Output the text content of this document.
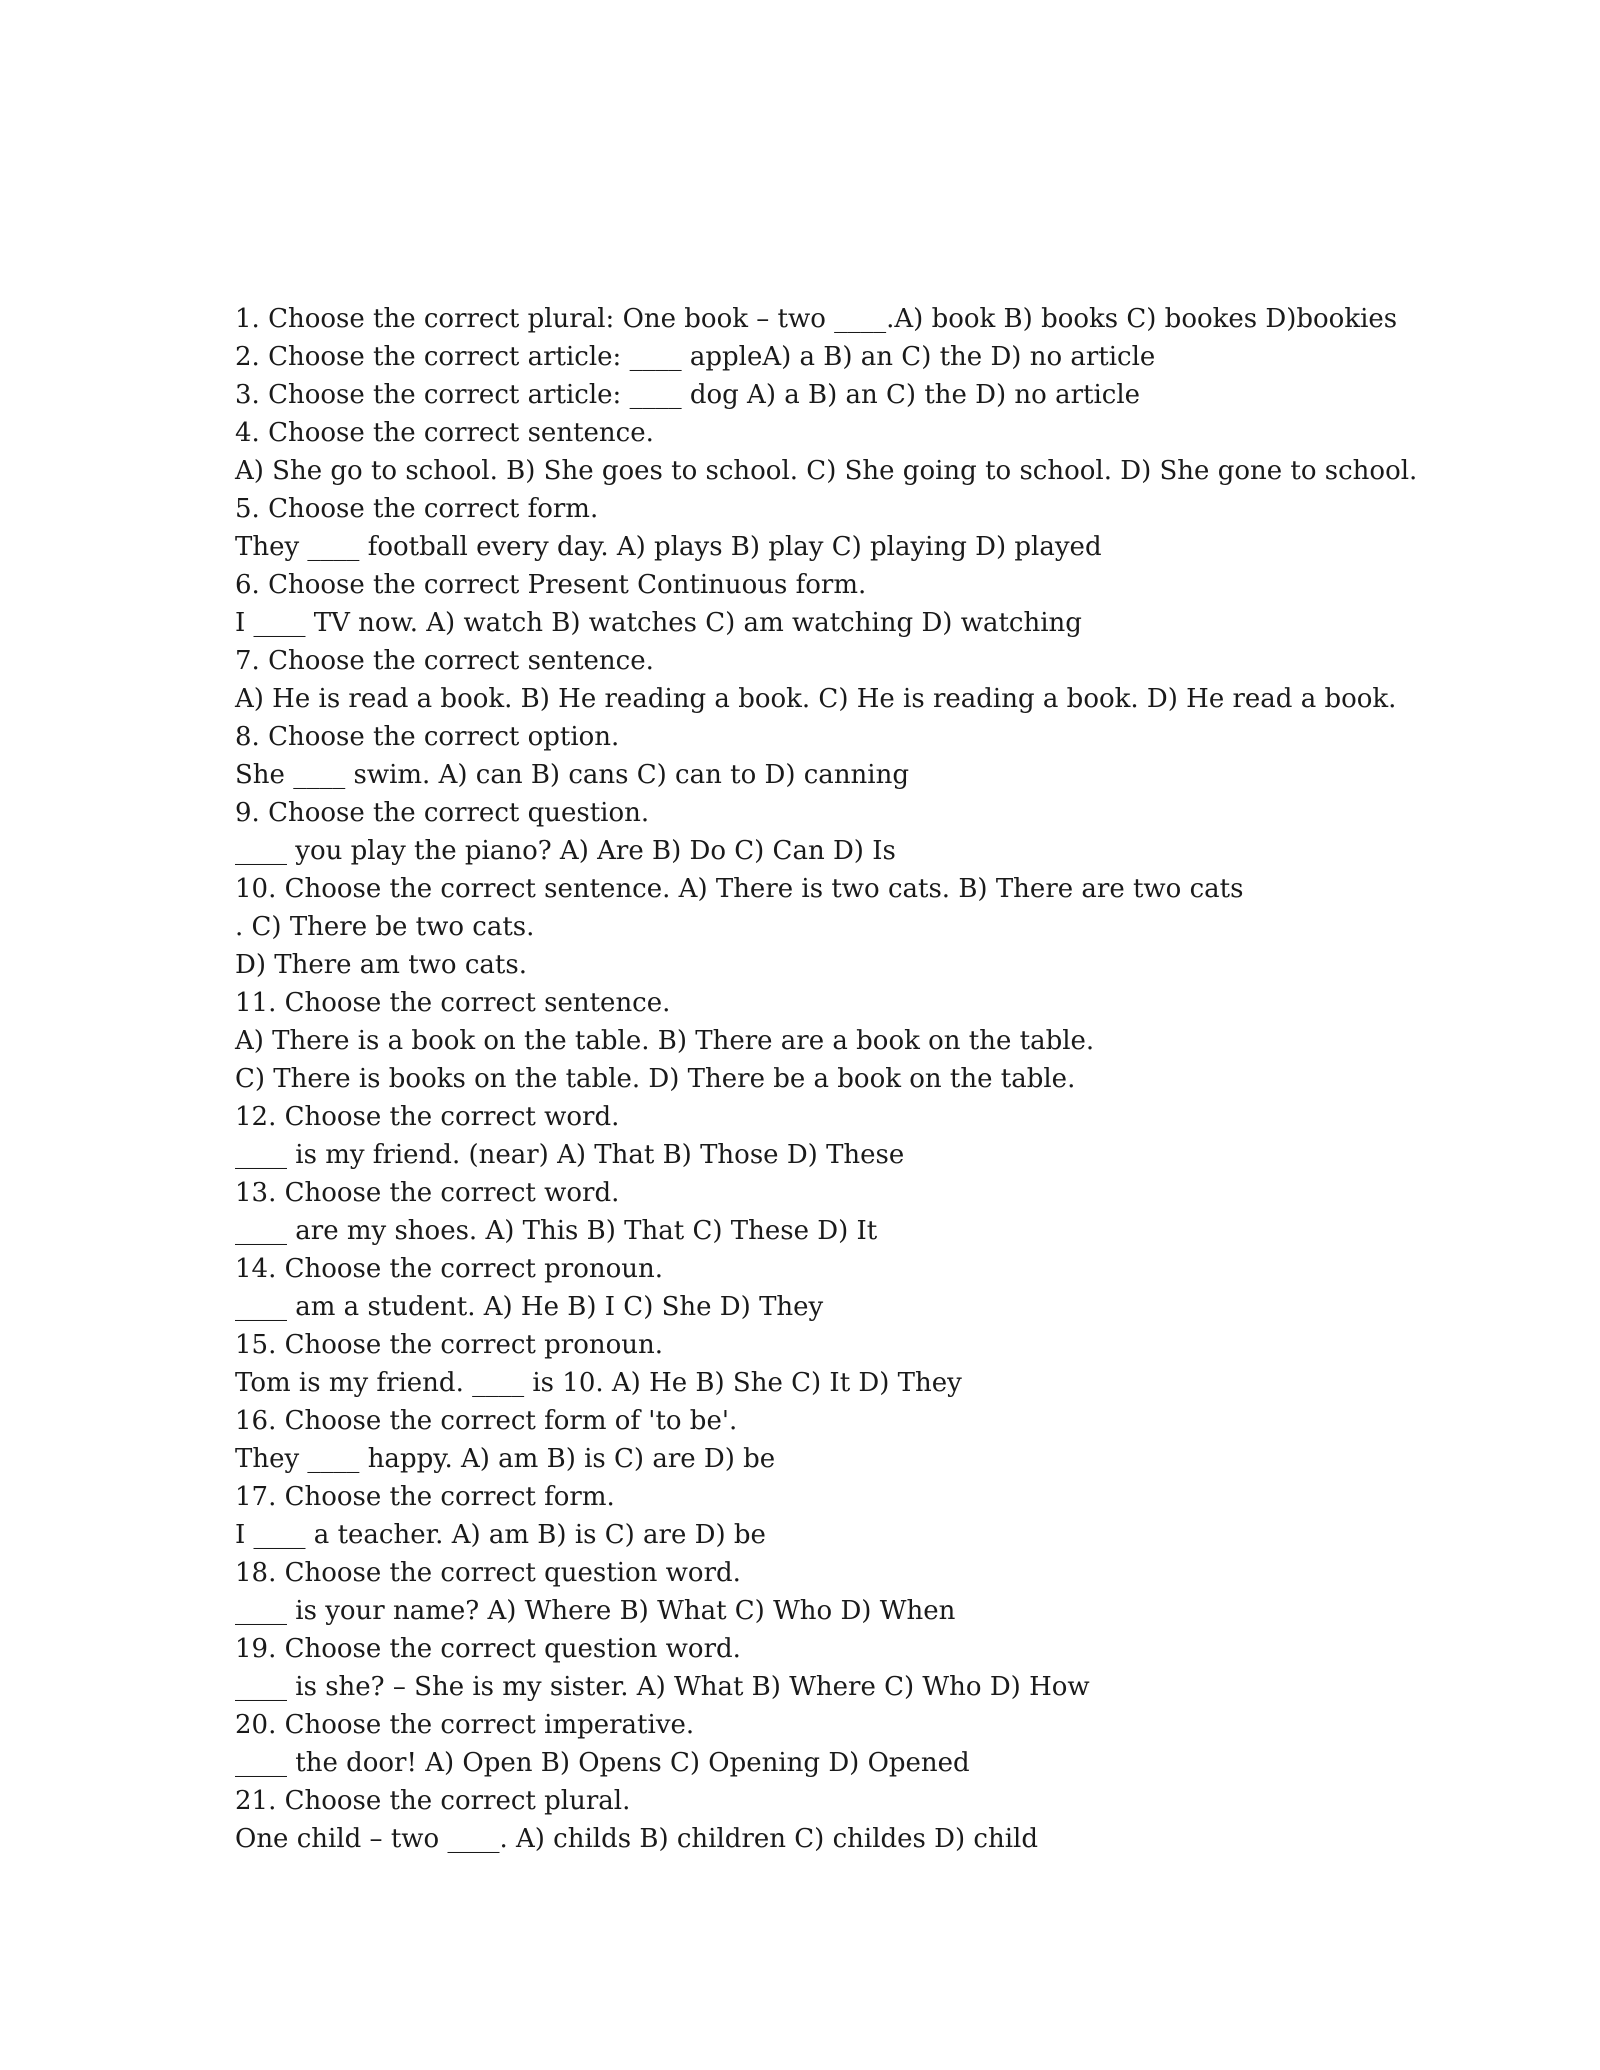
1. Choose the correct plural: One book – two ____.A) book B) books C) bookes D)bookies
2. Choose the correct article: ____ appleA) a B) an C) the D) no article
3. Choose the correct article: ____ dog A) a B) an C) the D) no article
4. Choose the correct sentence.
A) She go to school. B) She goes to school. C) She going to school. D) She gone to school.
5. Choose the correct form.
They ____ football every day. A) plays B) play C) playing D) played
6. Choose the correct Present Continuous form.
I ____ TV now. A) watch B) watches C) am watching D) watching
7. Choose the correct sentence.
A) He is read a book. B) He reading a book. C) He is reading a book. D) He read a book.
8. Choose the correct option.
She ____ swim. A) can B) cans C) can to D) canning
9. Choose the correct question.
____ you play the piano? A) Are B) Do C) Can D) Is
10. Choose the correct sentence. A) There is two cats. B) There are two cats
. C) There be two cats.
D) There am two cats.
11. Choose the correct sentence.
A) There is a book on the table. B) There are a book on the table.
C) There is books on the table. D) There be a book on the table.
12. Choose the correct word.
____ is my friend. (near) A) That B) Those D) These
13. Choose the correct word.
____ are my shoes. A) This B) That C) These D) It
14. Choose the correct pronoun.
____ am a student. A) He B) I C) She D) They
15. Choose the correct pronoun.
Tom is my friend. ____ is 10. A) He B) She C) It D) They
16. Choose the correct form of 'to be'.
They ____ happy. A) am B) is C) are D) be
17. Choose the correct form.
I ____ a teacher. A) am B) is C) are D) be
18. Choose the correct question word.
____ is your name? A) Where B) What C) Who D) When
19. Choose the correct question word.
____ is she? – She is my sister. A) What B) Where C) Who D) How
20. Choose the correct imperative.
____ the door! A) Open B) Opens C) Opening D) Opened
21. Choose the correct plural.
One child – two ____. A) childs B) children C) childes D) child
